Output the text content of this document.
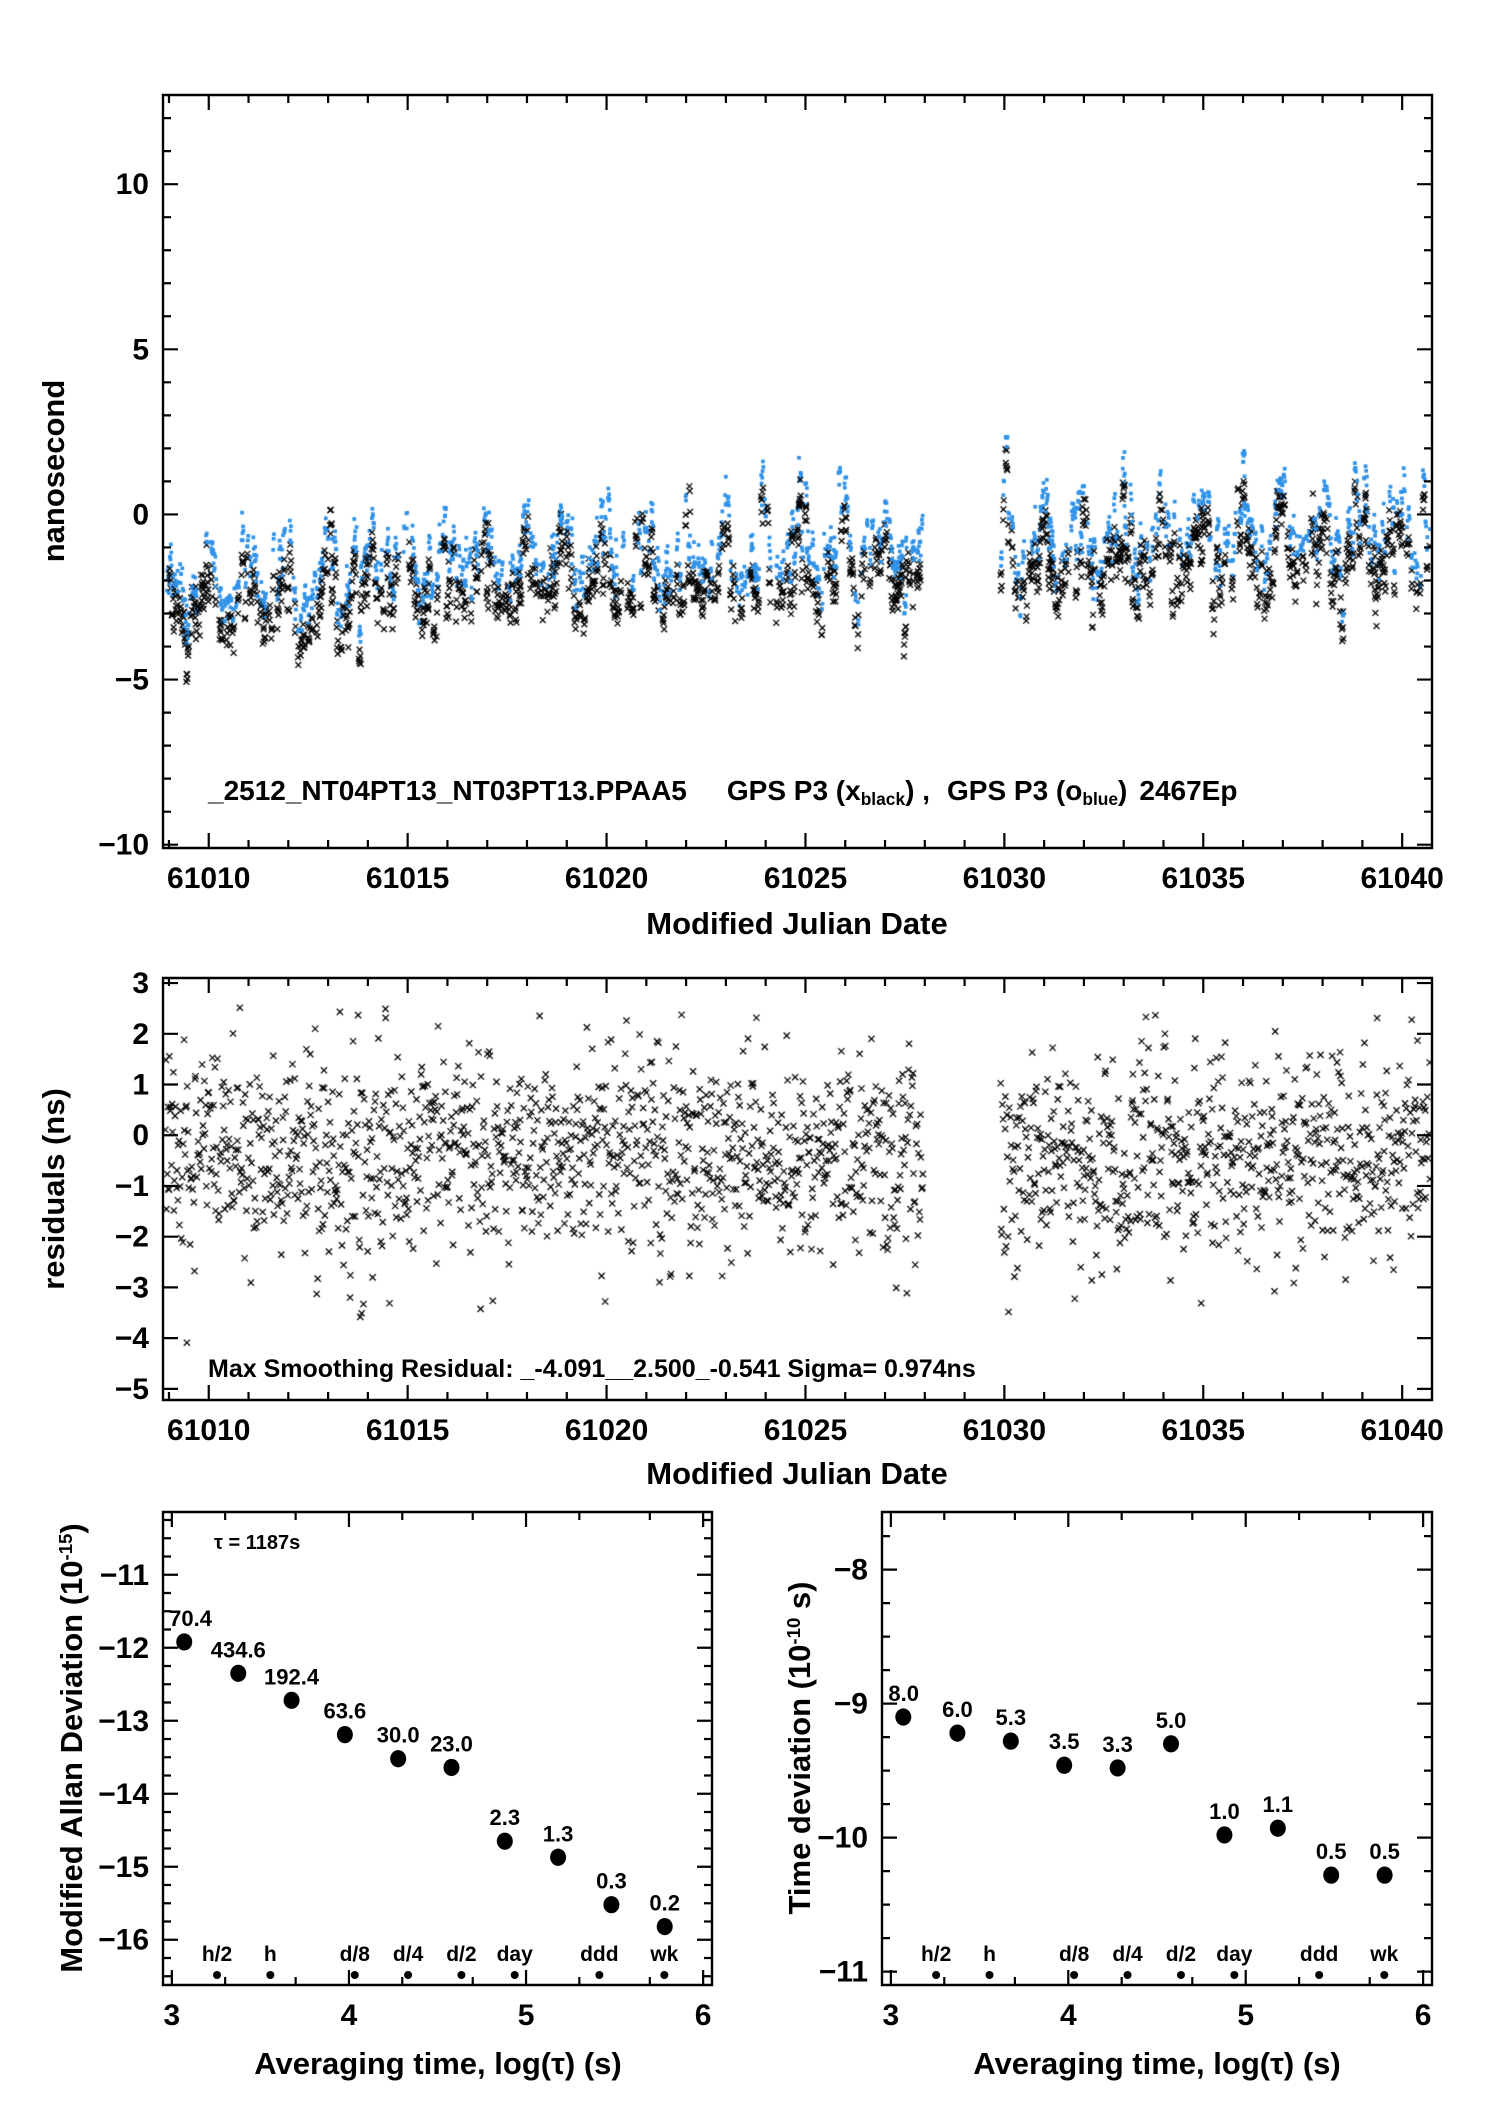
61010	61015	61020	61025	61030	61035	61040
10
5
0
−5
−10
61010	61015	61020	61025	61030	61035	61040
3
2
1
0
−1
−2
−3
−4
−5
3	4	5	6
−11
−12
−13
−14
−15
−16
70.4
434.6
192.4
63.6
30.0 23.0
2.3
1.3
0.3
0.2
h/2 h	d/8 d/4 d/2 day ddd wk
3	4	5	6
−8
−9
−10
−11
8.0
6.0 5.3
3.5 3.3
5.0
1.0 1.1
0.5 0.5
h/2 h	d/8 d/4 d/2 day ddd wk
_2512_NT04PT13_NT03PT13.PPAA5 GPS P3 (xblack) , GPS P3 (oblue) 2467Ep
Modified Julian Date
nanosecond
Max Smoothing Residual: _-4.091__2.500_-0.541 Sigma= 0.974ns
Modified Julian Date
residuals (ns)
τ = 1187s
Averaging time, log(τ) (s)
Modified Allan Deviation $(10^{-15})$
Averaging time, log(τ) (s)
Time deviation ($10^{-10}$ s)
